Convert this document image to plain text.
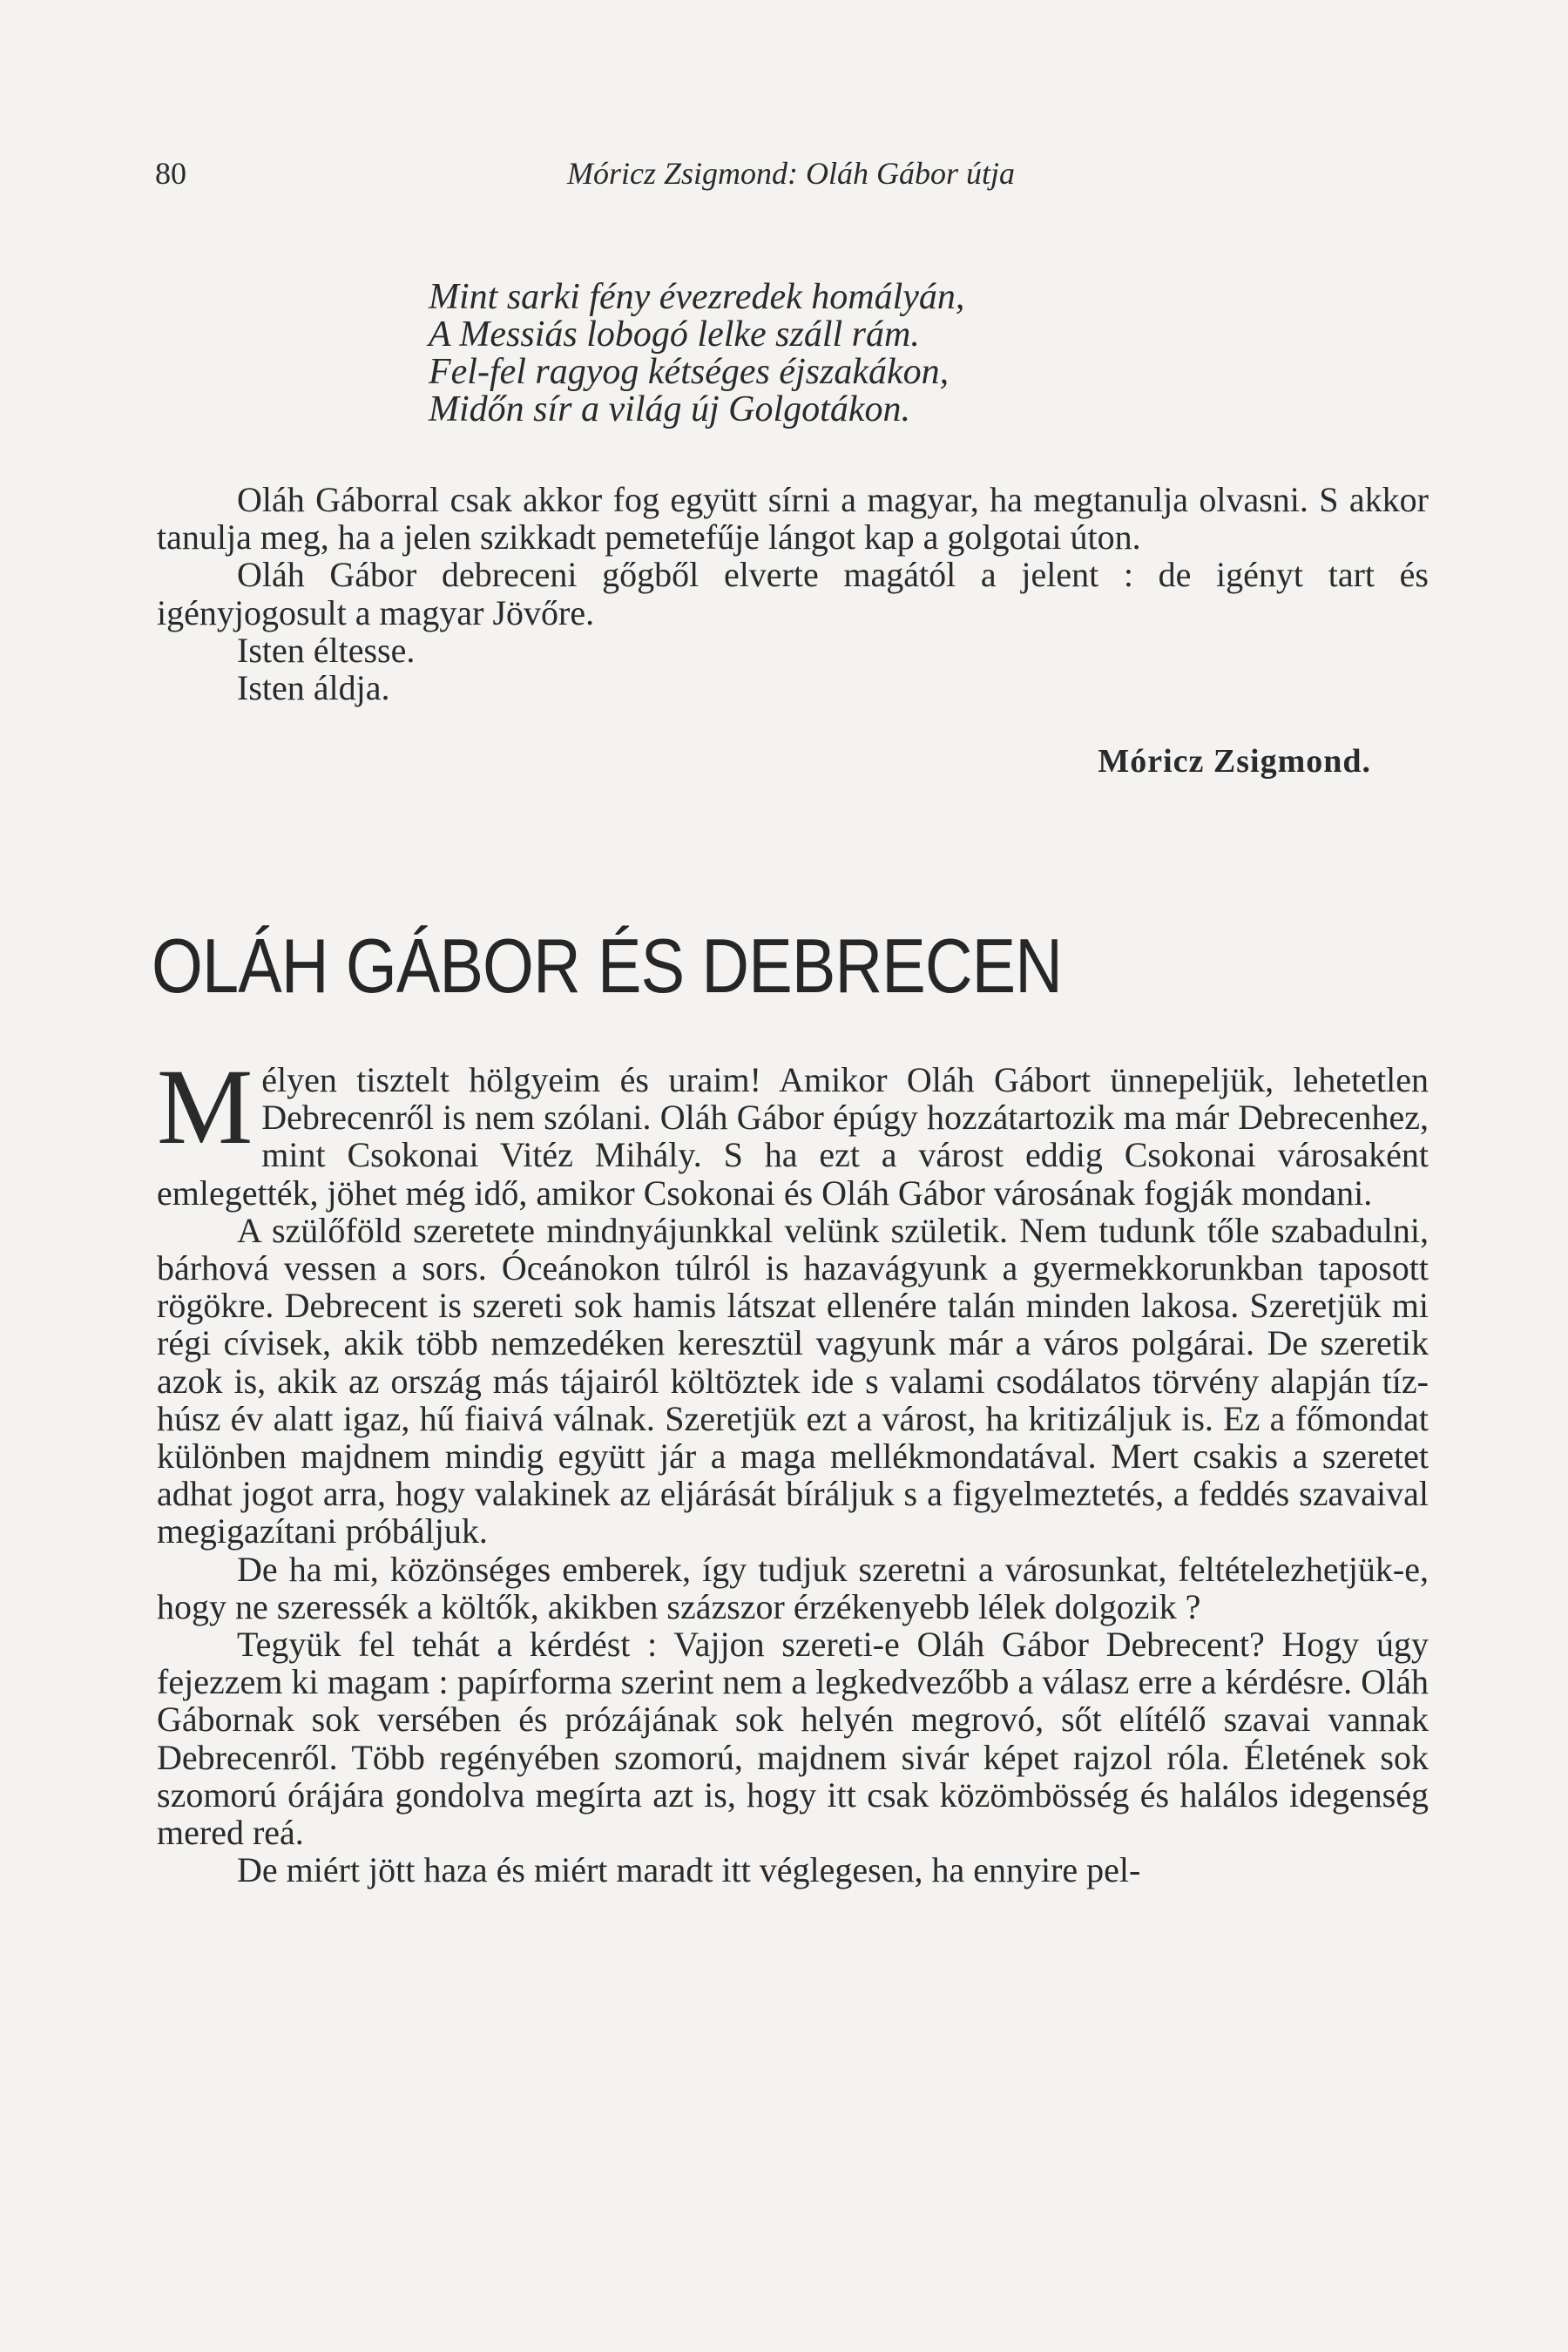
80	Móricz Zsigmond: Oláh Gábor útja
Mint sarki fény évezredek homályán,
A Messiás lobogó lelke száll rám.
Fel-fel ragyog kétséges éjszakákon,
Midőn sír a világ új Golgotákon.

Oláh Gáborral csak akkor fog együtt sírni a magyar, ha megtanulja olvasni. S akkor tanulja meg, ha a jelen szikkadt pemetefűje lángot kap a golgotai úton.

Oláh Gábor debreceni gőgből elverte magától a jelent : de igényt tart és igényjogosult a magyar Jövőre.

Isten éltesse.

Isten áldja.

Móricz Zsigmond.
OLÁH GÁBOR ÉS DEBRECEN

Mélyen tisztelt hölgyeim és uraim! Amikor Oláh Gábort ünnepeljük, lehetetlen Debrecenről is nem szólani. Oláh Gábor épúgy hozzátartozik ma már Debrecenhez, mint Csokonai Vitéz Mihály. S ha ezt a várost eddig Csokonai városaként emlegették, jöhet még idő, amikor Csokonai és Oláh Gábor városának fogják mondani.

A szülőföld szeretete mindnyájunkkal velünk születik. Nem tudunk tőle szabadulni, bárhová vessen a sors. Óceánokon túlról is hazavágyunk a gyermekkorunkban taposott rögökre. Debrecent is szereti sok hamis látszat ellenére talán minden lakosa. Szeretjük mi régi cívisek, akik több nemzedéken keresztül vagyunk már a város polgárai. De szeretik azok is, akik az ország más tájairól költöztek ide s valami csodálatos törvény alapján tíz-húsz év alatt igaz, hű fiaivá válnak. Szeretjük ezt a várost, ha kritizáljuk is. Ez a főmondat különben majdnem mindig együtt jár a maga mellékmondatával. Mert csakis a szeretet adhat jogot arra, hogy valakinek az eljárását bíráljuk s a figyelmeztetés, a feddés szavaival megigazítani próbáljuk.

De ha mi, közönséges emberek, így tudjuk szeretni a városunkat, feltételezhetjük-e, hogy ne szeressék a költők, akikben százszor érzékenyebb lélek dolgozik ?

Tegyük fel tehát a kérdést : Vajjon szereti-e Oláh Gábor Debrecent? Hogy úgy fejezzem ki magam : papírforma szerint nem a legkedvezőbb a válasz erre a kérdésre. Oláh Gábornak sok versében és prózájának sok helyén megrovó, sőt elítélő szavai vannak Debrecenről. Több regényében szomorú, majdnem sivár képet rajzol róla. Életének sok szomorú órájára gondolva megírta azt is, hogy itt csak közömbösség és halálos idegenség mered reá.

De miért jött haza és miért maradt itt véglegesen, ha ennyire pel-
